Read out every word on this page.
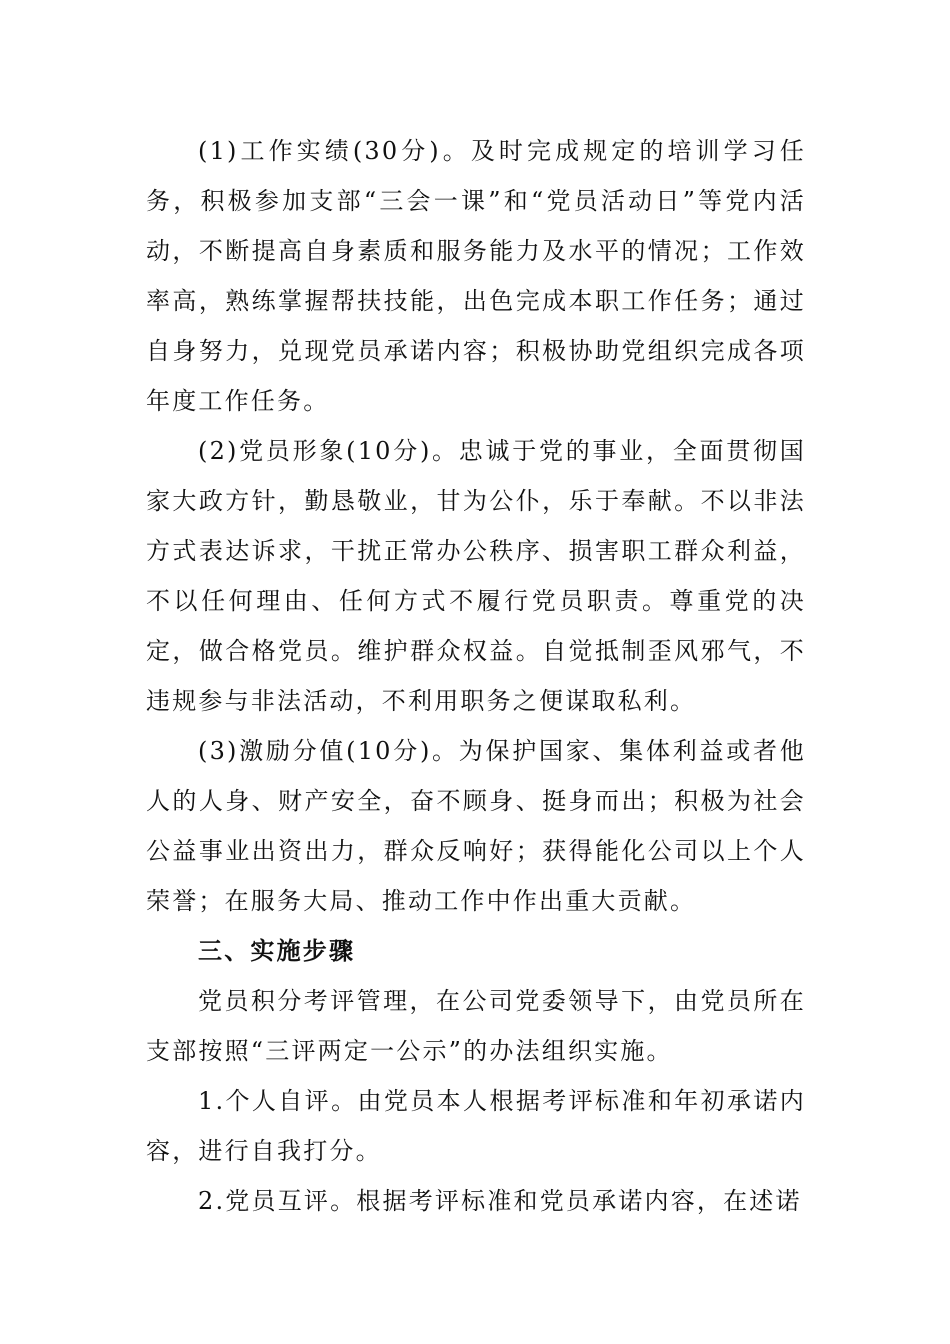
(1)工作实绩(30分)。及时完成规定的培训学习任务，积极参加支部“三会一课”和“党员活动日”等党内活动，不断提高自身素质和服务能力及水平的情况；工作效率高，熟练掌握帮扶技能，出色完成本职工作任务；通过自身努力，兑现党员承诺内容；积极协助党组织完成各项年度工作任务。

(2)党员形象(10分)。忠诚于党的事业，全面贯彻国家大政方针，勤恳敬业，甘为公仆，乐于奉献。不以非法方式表达诉求，干扰正常办公秩序、损害职工群众利益，不以任何理由、任何方式不履行党员职责。尊重党的决定，做合格党员。维护群众权益。自觉抵制歪风邪气，不违规参与非法活动，不利用职务之便谋取私利。

(3)激励分值(10分)。为保护国家、集体利益或者他人的人身、财产安全，奋不顾身、挺身而出；积极为社会公益事业出资出力，群众反响好；获得能化公司以上个人荣誉；在服务大局、推动工作中作出重大贡献。

三、实施步骤

党员积分考评管理，在公司党委领导下，由党员所在支部按照“三评两定一公示”的办法组织实施。

1.个人自评。由党员本人根据考评标准和年初承诺内容，进行自我打分。

2.党员互评。根据考评标准和党员承诺内容，在述诺
